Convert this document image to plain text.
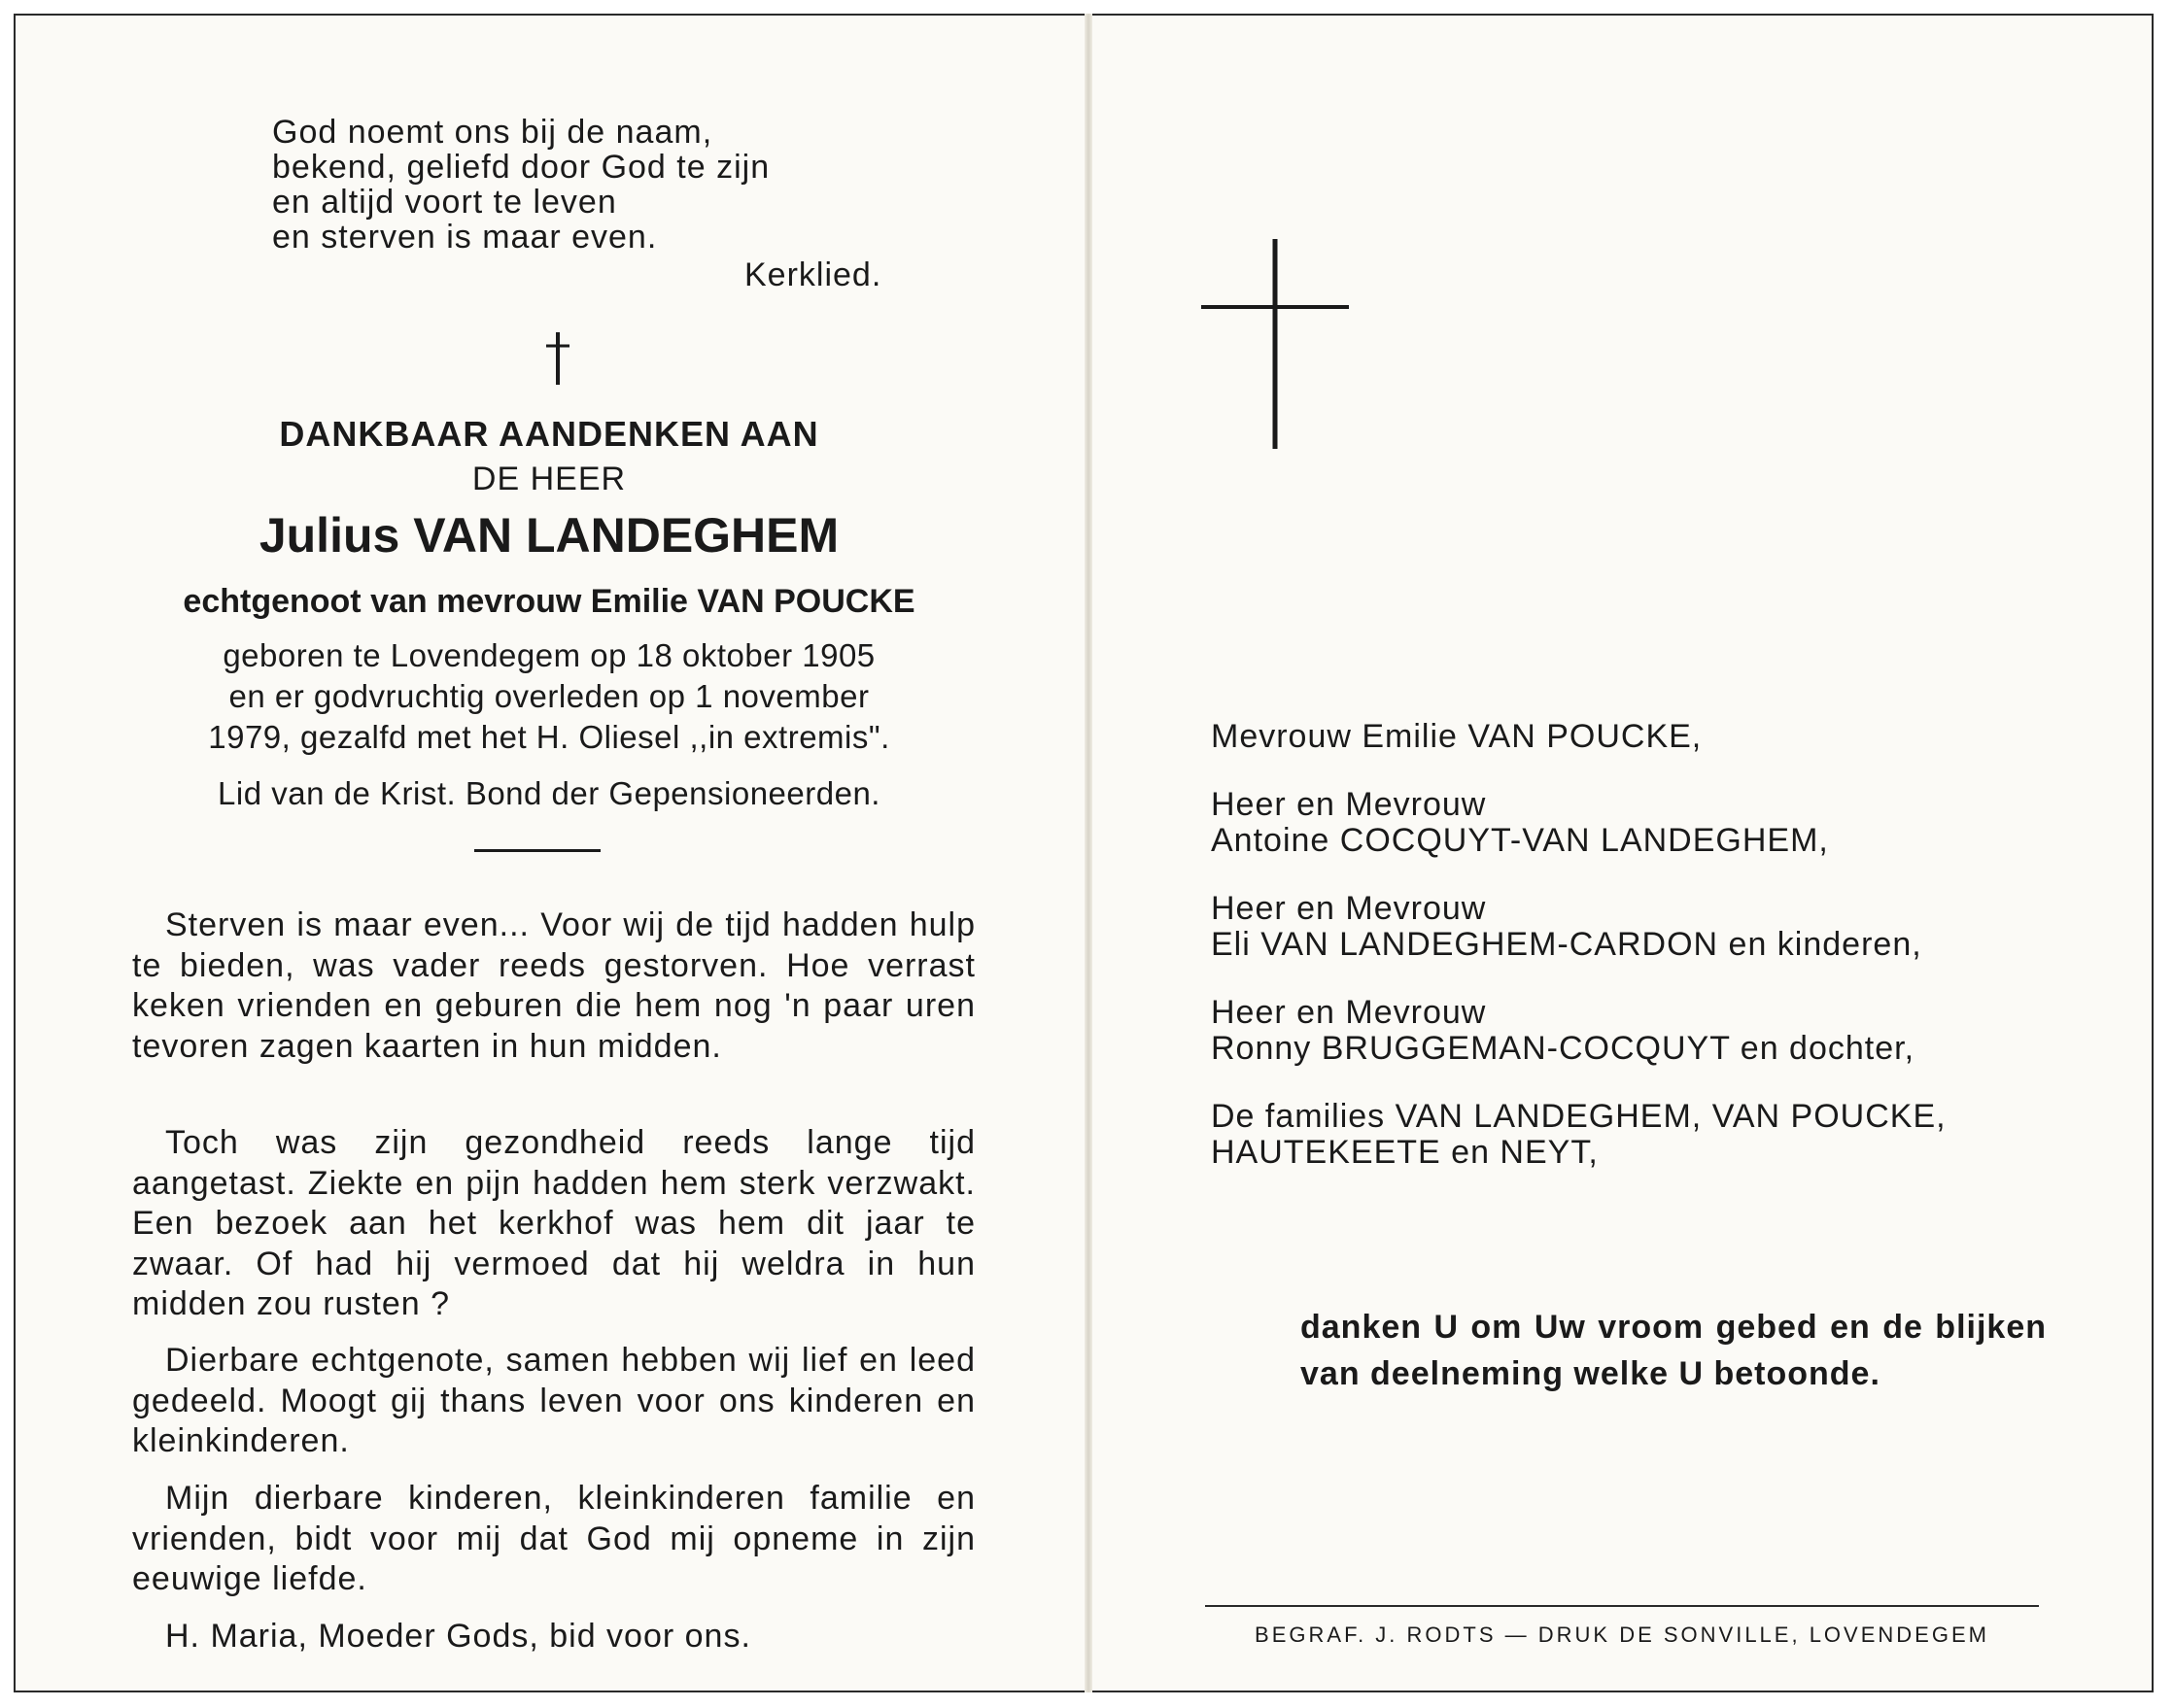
God noemt ons bij de naam,
bekend, geliefd door God te zijn
en altijd voort te leven
en sterven is maar even.
Kerklied.
DANKBAAR AANDENKEN AAN
DE HEER
Julius VAN LANDEGHEM
echtgenoot van mevrouw Emilie VAN POUCKE
geboren te Lovendegem op 18 oktober 1905
en er godvruchtig overleden op 1 november
1979, gezalfd met het H. Oliesel ,,in extremis".
Lid van de Krist. Bond der Gepensioneerden.

Sterven is maar even... Voor wij de tijd hadden hulp te bieden, was vader reeds gestorven. Hoe verrast keken vrienden en geburen die hem nog 'n paar uren tevoren zagen kaarten in hun midden.

Toch was zijn gezondheid reeds lange tijd aangetast. Ziekte en pijn hadden hem sterk verzwakt. Een bezoek aan het kerkhof was hem dit jaar te zwaar. Of had hij vermoed dat hij weldra in hun midden zou rusten ?

Dierbare echtgenote, samen hebben wij lief en leed gedeeld. Moogt gij thans leven voor ons kinderen en kleinkinderen.

Mijn dierbare kinderen, kleinkinderen familie en vrienden, bidt voor mij dat God mij opneme in zijn eeuwige liefde.

H. Maria, Moeder Gods, bid voor ons.

Mevrouw Emilie VAN POUCKE,
Heer en Mevrouw
Antoine COCQUYT-VAN LANDEGHEM,
Heer en Mevrouw
Eli VAN LANDEGHEM-CARDON en kinderen,
Heer en Mevrouw
Ronny BRUGGEMAN-COCQUYT en dochter,
De families VAN LANDEGHEM, VAN POUCKE,
HAUTEKEETE en NEYT,

danken U om Uw vroom gebed en de blijken van deelneming welke U betoonde.

BEGRAF. J. RODTS — DRUK DE SONVILLE, LOVENDEGEM
